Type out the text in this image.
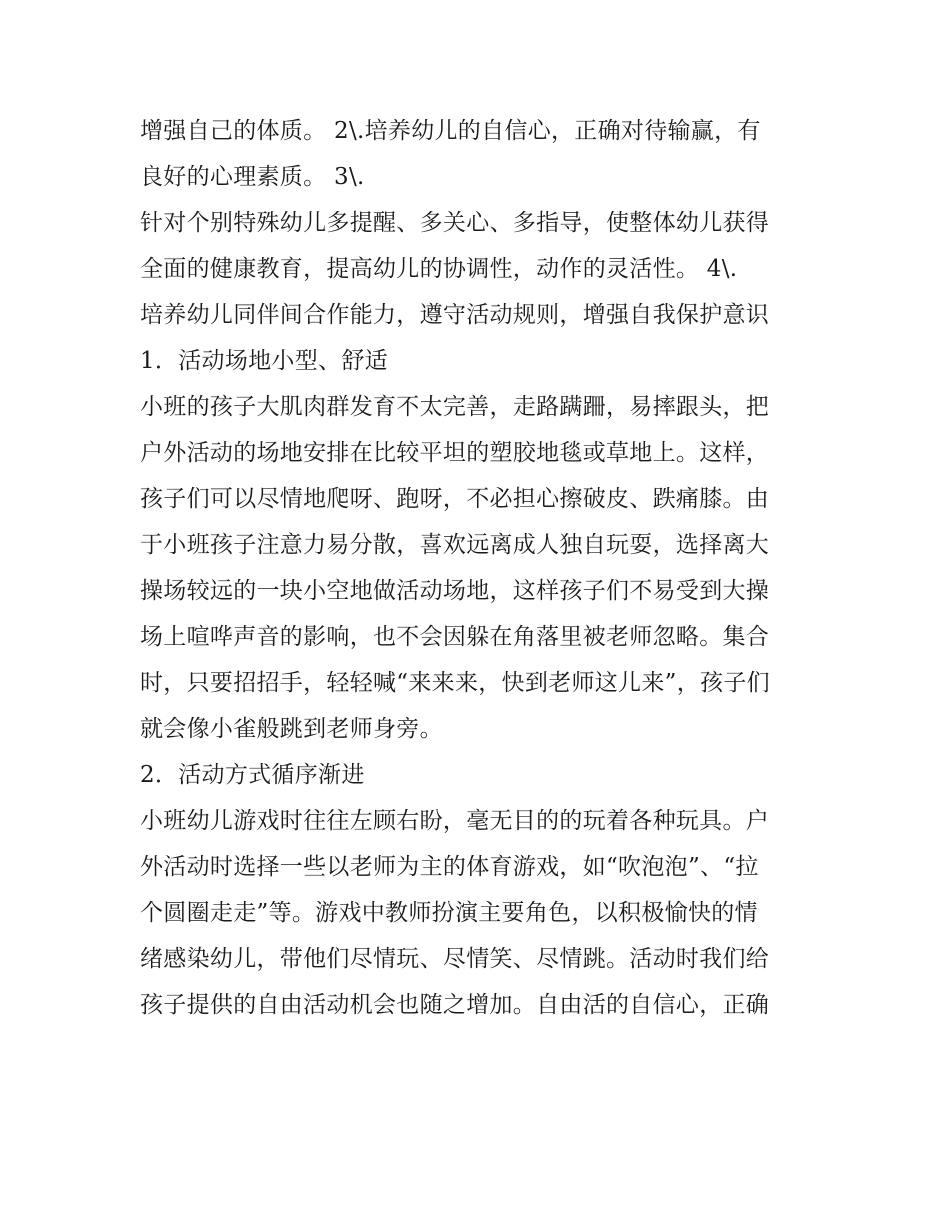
增强自己的体质。 2\.培养幼儿的自信心，正确对待输赢，有
良好的心理素质。 3\.
针对个别特殊幼儿多提醒、多关心、多指导，使整体幼儿获得
全面的健康教育，提高幼儿的协调性，动作的灵活性。 4\.
培养幼儿同伴间合作能力，遵守活动规则，增强自我保护意识
1．活动场地小型、舒适
小班的孩子大肌肉群发育不太完善，走路蹒跚，易摔跟头，把
户外活动的场地安排在比较平坦的塑胶地毯或草地上。这样，
孩子们可以尽情地爬呀、跑呀，不必担心擦破皮、跌痛膝。由
于小班孩子注意力易分散，喜欢远离成人独自玩耍，选择离大
操场较远的一块小空地做活动场地，这样孩子们不易受到大操
场上喧哗声音的影响，也不会因躲在角落里被老师忽略。集合
时，只要招招手，轻轻喊“来来来，快到老师这儿来”，孩子们
就会像小雀般跳到老师身旁。
2．活动方式循序渐进
小班幼儿游戏时往往左顾右盼，毫无目的的玩着各种玩具。户
外活动时选择一些以老师为主的体育游戏，如“吹泡泡”、“拉
个圆圈走走”等。游戏中教师扮演主要角色，以积极愉快的情
绪感染幼儿，带他们尽情玩、尽情笑、尽情跳。活动时我们给
孩子提供的自由活动机会也随之增加。自由活的自信心，正确
